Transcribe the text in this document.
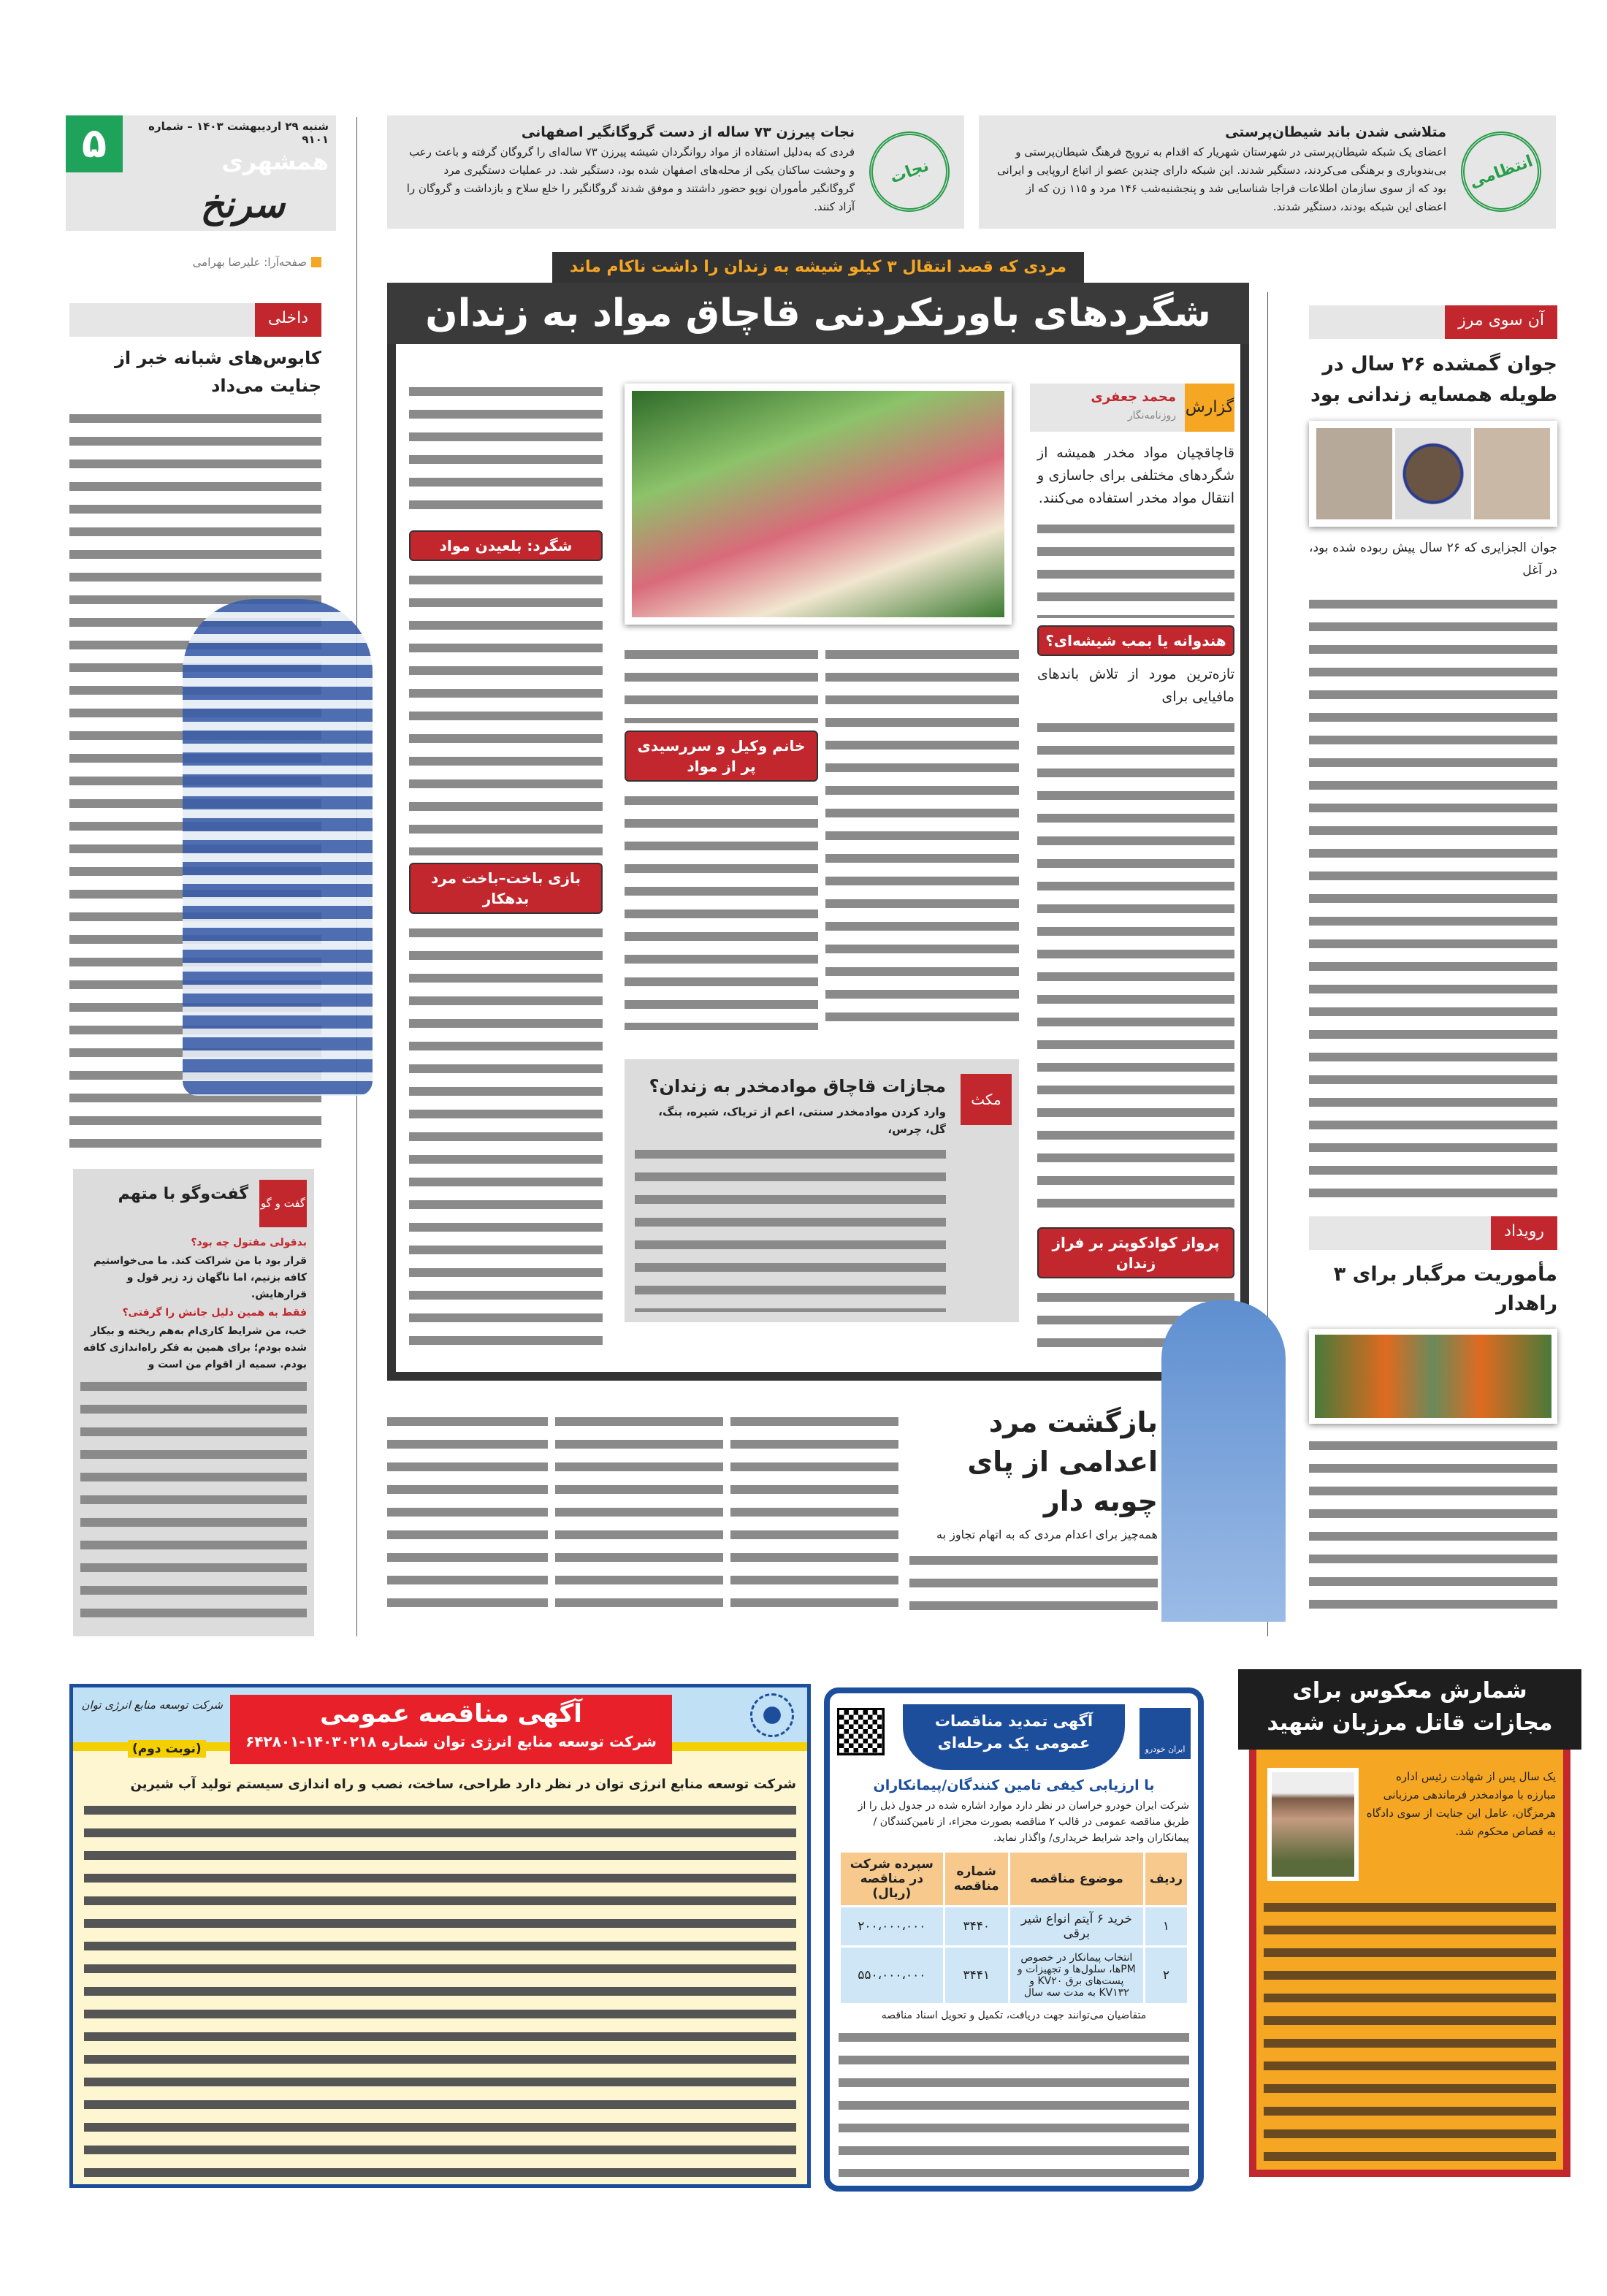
۵	شنبه ۲۹ اردیبهشت ۱۴۰۳ – شماره ۹۱۰۱
همشهری
سرنخ
صفحه‌آرا: علیرضا بهرامی
انتظامی
متلاشی شدن باند شیطان‌پرستی
اعضای یک شبکه شیطان‌پرستی در شهرستان شهریار که اقدام به ترویج فرهنگ شیطان‌پرستی و بی‌بندوباری و برهنگی می‌کردند، دستگیر شدند. این شبکه دارای چندین عضو از اتباع اروپایی و ایرانی بود که از سوی سازمان اطلاعات فراجا شناسایی شد و پنجشنبه‌شب ۱۴۶ مرد و ۱۱۵ زن که از اعضای این شبکه بودند، دستگیر شدند.
نجات
نجات پیرزن ۷۳ ساله از دست گروگانگیر اصفهانی
فردی که به‌دلیل استفاده از مواد روانگردان شیشه پیرزن ۷۳ ساله‌ای را گروگان گرفته و باعث رعب و وحشت ساکنان یکی از محله‌های اصفهان شده بود، دستگیر شد. در عملیات دستگیری مرد گروگانگیر مأموران نوپو حضور داشتند و موفق شدند گروگانگیر را خلع سلاح و بازداشت و گروگان را آزاد کنند.
مردی که قصد انتقال ۳ کیلو شیشه به زندان را داشت ناکام ماند
شگردهای باورنکردنی قاچاق مواد به زندان
گزارش
محمد جعفری
روزنامه‌نگار
قاچاقچیان مواد مخدر همیشه از شگردهای مختلفی برای جاسازی و انتقال مواد مخدر استفاده می‌کنند.
هندوانه یا بمب شیشه‌ای؟
تازه‌ترین مورد از تلاش باندهای مافیایی برای
پرواز کوادکوپتر بر فراز زندان
خانم وکیل و سررسیدی پر از مواد
شگرد: بلعیدن مواد
بازی باخت–باخت مرد بدهکار
مکث
مجازات قاچاق موادمخدر به زندان؟
وارد کردن موادمخدر سنتی، اعم از تریاک، شیره، بنگ، گل، چرس،
داخلی
کابوس‌های شبانه خبر از جنایت می‌داد
گفت و گو
گفت‌وگو با متهم
بدقولی مقتول چه بود؟
قرار بود با من شراکت کند. ما می‌خواستیم کافه بزنیم، اما ناگهان زد زیر قول و قرارهایش.
فقط به همین دلیل جانش را گرفتی؟
خب، من شرایط کاری‌ام به‌هم ریخته و بیکار شده بودم؛ برای همین به فکر راه‌اندازی کافه بودم. سمیه از اقوام من است و
آن سوی مرز
جوان گمشده ۲۶ سال در طویله همسایه زندانی بود
جوان الجزایری که ۲۶ سال پیش ربوده شده بود، در آغل
رویداد
مأموریت مرگبار برای ۳ راهدار
بازگشت مرد اعدامی از پای چوبه دار
همه‌چیز برای اعدام مردی که به اتهام تجاوز به
شرکت توسعه منابع انرژی توان
(نوبت دوم)
آگهی مناقصه عمومی
شرکت توسعه منابع انرژی توان شماره ۱۴۰۳۰۲۱۸-۶۴۲۸۰۱
شرکت توسعه منابع انرژی توان در نظر دارد طراحی، ساخت، نصب و راه اندازی سیستم تولید آب شیرین
ایران خودرو
آگهی تمدید مناقصات عمومی یک مرحله‌ای
با ارزیابی کیفی تامین کنندگان/پیمانکاران
شرکت ایران خودرو خراسان در نظر دارد موارد اشاره شده در جدول ذیل را از طریق مناقصه عمومی در قالب ۲ مناقصه بصورت مجزاء، از تامین‌کنندگان / پیمانکاران واجد شرایط خریداری/ واگذار نماید.
ردیف	موضوع مناقصه	شماره مناقصه	سپرده شرکت در مناقصه (ریال)
۱	خرید ۶ آیتم انواع شیر برقی	۳۴۴۰	۲۰۰،۰۰۰،۰۰۰
۲	انتخاب پیمانکار در خصوص PMها، سلول‌ها و تجهیزات و پست‌های برق KV۲۰ و KV۱۳۲ به مدت سه سال	۳۴۴۱	۵۵۰،۰۰۰،۰۰۰
متقاضیان می‌توانند جهت دریافت، تکمیل و تحویل اسناد مناقصه
یک سال پس از شهادت رئیس اداره مبارزه با موادمخدر فرماندهی مرزبانی هرمزگان، عامل این جنایت از سوی دادگاه به قصاص محکوم شد.
شمارش معکوس برای مجازات قاتل مرزبان شهید
